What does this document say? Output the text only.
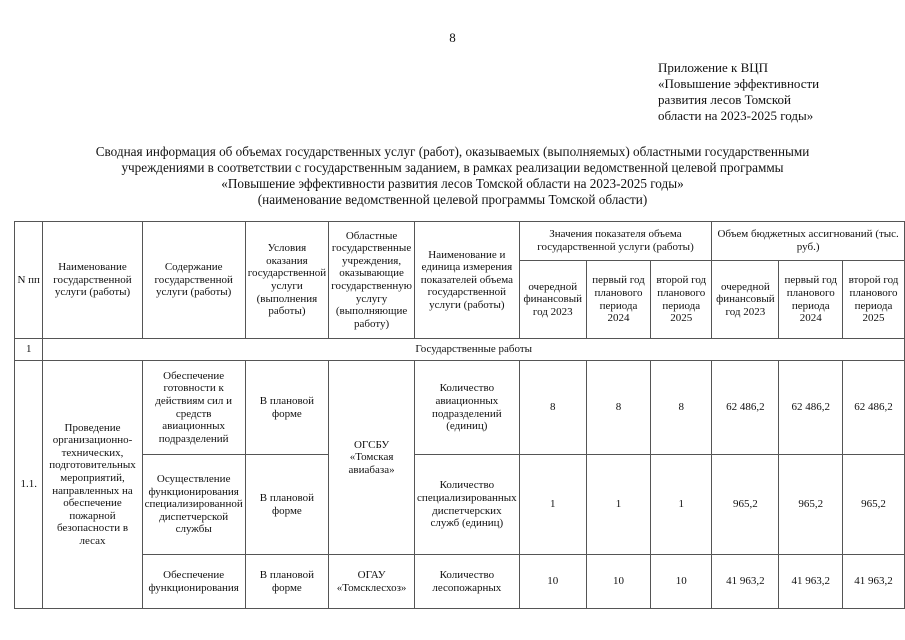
8
Приложение к ВЦП
«Повышение эффективности
развития лесов Томской
области на 2023-2025 годы»
Сводная информация об объемах государственных услуг (работ), оказываемых (выполняемых) областными государственными
учреждениями в соответствии с государственным заданием, в рамках реализации ведомственной целевой программы
«Повышение эффективности развития лесов Томской области на 2023-2025 годы»
(наименование ведомственной целевой программы Томской области)
N пп	Наименование государственной услуги (работы)	Содержание государственной услуги (работы)	Условия оказания государственной услуги (выполнения работы)	Областные государственные учреждения, оказывающие государственную услугу (выполняющие работу)	Наименование и единица измерения показателей объема государственной услуги (работы)	Значения показателя объема государственной услуги (работы)			Объем бюджетных ассигнований (тыс. руб.)		
						очередной финансовый год 2023	первый год планового периода 2024	второй год планового периода 2025	очередной финансовый год 2023	первый год планового периода 2024	второй год планового периода 2025
1	Государственные работы										
1.1.	Проведение организационно-технических, подготовительных мероприятий, направленных на обеспечение пожарной безопасности в лесах	Обеспечение готовности к действиям сил и средств авиационных подразделений	В плановой форме	ОГСБУ «Томская авиабаза»	Количество авиационных подразделений (единиц)	8	8	8	62 486,2	62 486,2	62 486,2
		Осуществление функционирования специализированной диспетчерской службы	В плановой форме		Количество специализированных диспетчерских служб (единиц)	1	1	1	965,2	965,2	965,2
		Обеспечение функционирования	В плановой форме	ОГАУ «Томсклесхоз»	Количество лесопожарных	10	10	10	41 963,2	41 963,2	41 963,2
